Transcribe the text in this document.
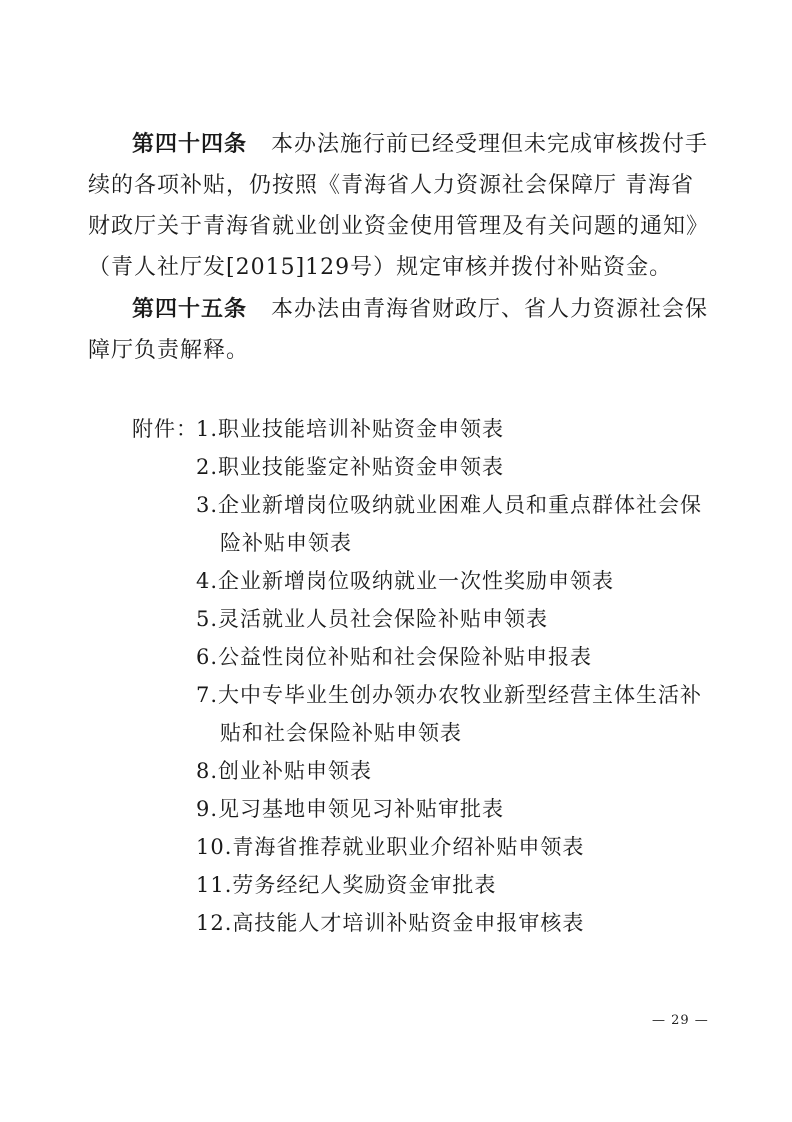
第四十四条 本办法施行前已经受理但未完成审核拨付手续的各项补贴，仍按照《青海省人力资源社会保障厅 青海省财政厅关于青海省就业创业资金使用管理及有关问题的通知》（青人社厅发[2015]129号）规定审核并拨付补贴资金。

第四十五条 本办法由青海省财政厅、省人力资源社会保障厅负责解释。

附件：
1.职业技能培训补贴资金申领表
2.职业技能鉴定补贴资金申领表
3.企业新增岗位吸纳就业困难人员和重点群体社会保
险补贴申领表
4.企业新增岗位吸纳就业一次性奖励申领表
5.灵活就业人员社会保险补贴申领表
6.公益性岗位补贴和社会保险补贴申报表
7.大中专毕业生创办领办农牧业新型经营主体生活补
贴和社会保险补贴申领表
8.创业补贴申领表
9.见习基地申领见习补贴审批表
10.青海省推荐就业职业介绍补贴申领表
11.劳务经纪人奖励资金审批表
12.高技能人才培训补贴资金申报审核表
— 29 —
